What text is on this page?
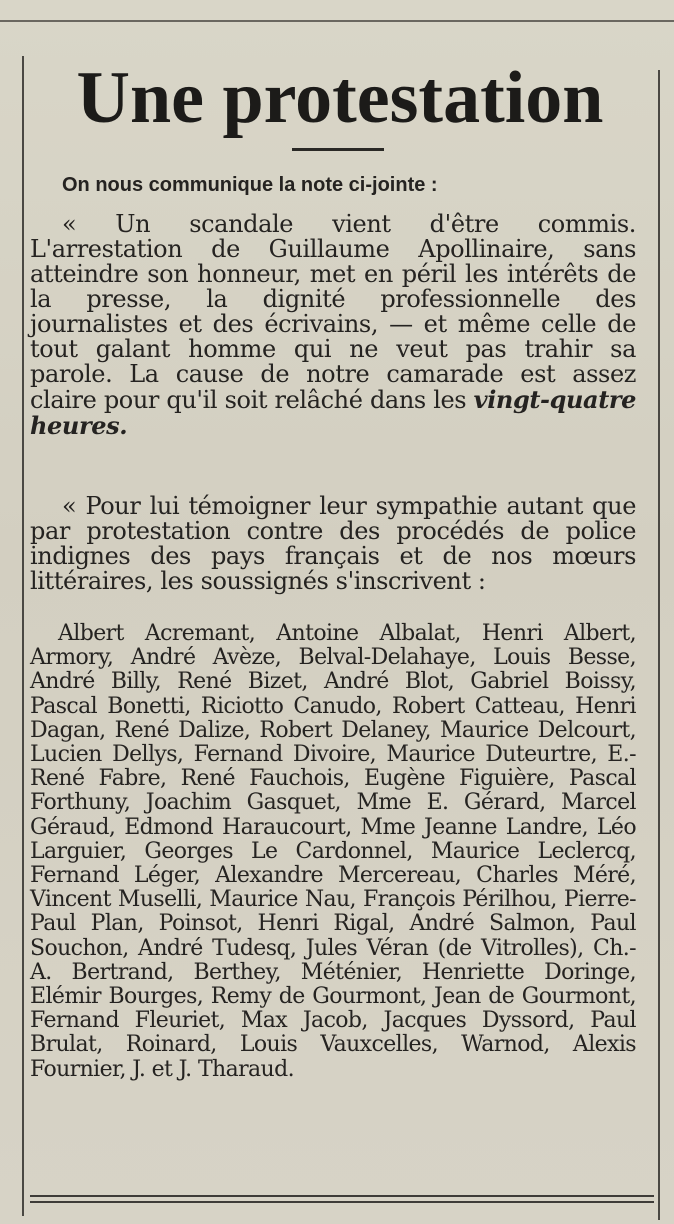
Une protestation

On nous communique la note ci-jointe :

« Un scandale vient d'être commis. L'arrestation de Guillaume Apollinaire, sans atteindre son honneur, met en péril les intérêts de la presse, la dignité professionnelle des journalistes et des écrivains, — et même celle de tout galant homme qui ne veut pas trahir sa parole. La cause de notre camarade est assez claire pour qu'il soit relâché dans les vingt-quatre heures.

« Pour lui témoigner leur sympathie autant que par protestation contre des procédés de police indignes des pays français et de nos mœurs littéraires, les soussignés s'inscrivent :

Albert Acremant, Antoine Albalat, Henri Albert, Armory, André Avèze, Belval-Delahaye, Louis Besse, André Billy, René Bizet, André Blot, Gabriel Boissy, Pascal Bonetti, Riciotto Canudo, Robert Catteau, Henri Dagan, René Dalize, Robert Delaney, Maurice Delcourt, Lucien Dellys, Fernand Divoire, Maurice Duteurtre, E.-René Fabre, René Fauchois, Eugène Figuière, Pascal Forthuny, Joachim Gasquet, Mme E. Gérard, Marcel Géraud, Edmond Haraucourt, Mme Jeanne Landre, Léo Larguier, Georges Le Cardonnel, Maurice Leclercq, Fernand Léger, Alexandre Mercereau, Charles Méré, Vincent Muselli, Maurice Nau, François Périlhou, Pierre-Paul Plan, Poinsot, Henri Rigal, André Salmon, Paul Souchon, André Tudesq, Jules Véran (de Vitrolles), Ch.-A. Bertrand, Berthey, Méténier, Henriette Doringe, Elémir Bourges, Remy de Gourmont, Jean de Gourmont, Fernand Fleuriet, Max Jacob, Jacques Dyssord, Paul Brulat, Roinard, Louis Vauxcelles, Warnod, Alexis Fournier, J. et J. Tharaud.
